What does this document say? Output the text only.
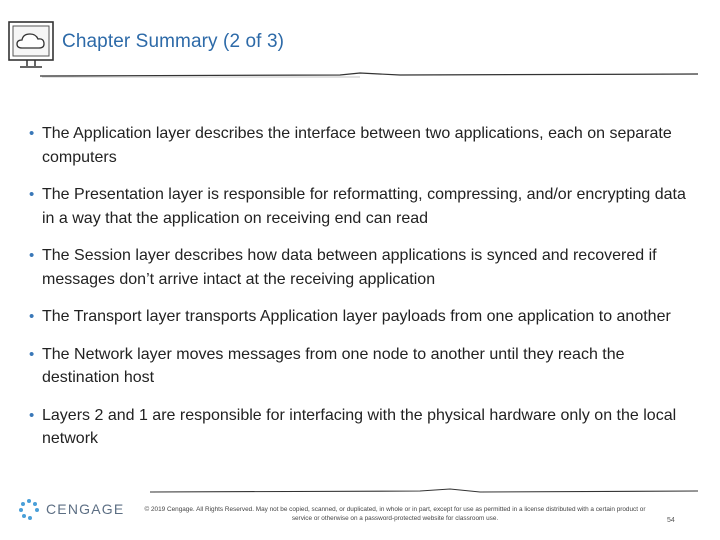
Chapter Summary (2 of 3)
• The Application layer describes the interface between two applications, each on separate computers
• The Presentation layer is responsible for reformatting, compressing, and/or encrypting data in a way that the application on receiving end can read
• The Session layer describes how data between applications is synced and recovered if messages don’t arrive intact at the receiving application
• The Transport layer transports Application layer payloads from one application to another
• The Network layer moves messages from one node to another until they reach the destination host
• Layers 2 and 1 are responsible for interfacing with the physical hardware only on the local network
CENGAGE	© 2019 Cengage. All Rights Reserved. May not be copied, scanned, or duplicated, in whole or in part, except for use as permitted in a license distributed with a certain product or service or otherwise on a password-protected website for classroom use.	54
